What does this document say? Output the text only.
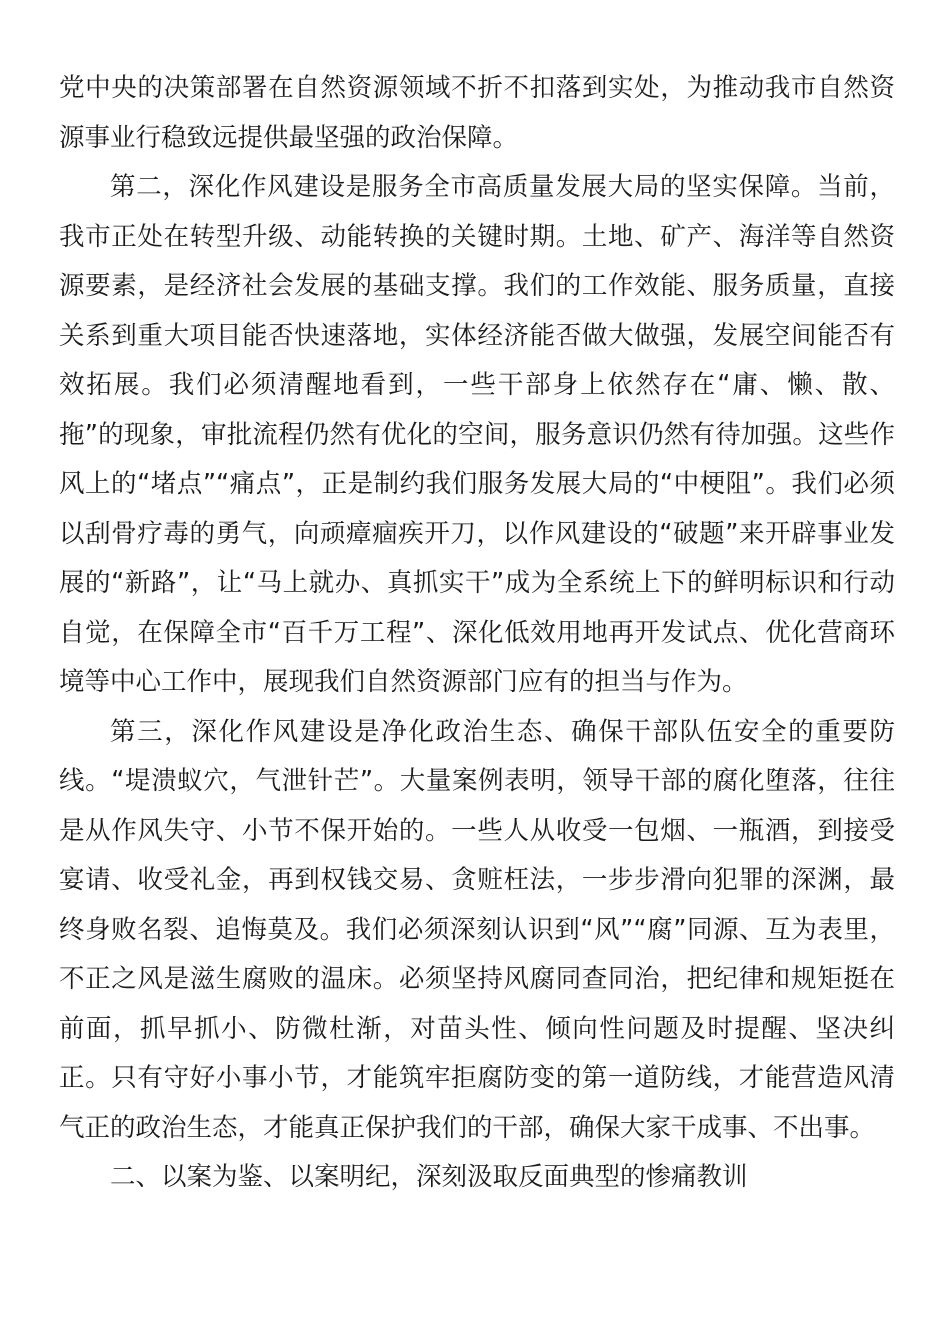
党中央的决策部署在自然资源领域不折不扣落到实处，为推动我市自然资源事业行稳致远提供最坚强的政治保障。

第二，深化作风建设是服务全市高质量发展大局的坚实保障。当前，我市正处在转型升级、动能转换的关键时期。土地、矿产、海洋等自然资源要素，是经济社会发展的基础支撑。我们的工作效能、服务质量，直接关系到重大项目能否快速落地，实体经济能否做大做强，发展空间能否有效拓展。我们必须清醒地看到，一些干部身上依然存在“庸、懒、散、拖”的现象，审批流程仍然有优化的空间，服务意识仍然有待加强。这些作风上的“堵点”“痛点”，正是制约我们服务发展大局的“中梗阻”。我们必须以刮骨疗毒的勇气，向顽瘴痼疾开刀，以作风建设的“破题”来开辟事业发展的“新路”，让“马上就办、真抓实干”成为全系统上下的鲜明标识和行动自觉，在保障全市“百千万工程”、深化低效用地再开发试点、优化营商环境等中心工作中，展现我们自然资源部门应有的担当与作为。

第三，深化作风建设是净化政治生态、确保干部队伍安全的重要防线。“堤溃蚁穴，气泄针芒”。大量案例表明，领导干部的腐化堕落，往往是从作风失守、小节不保开始的。一些人从收受一包烟、一瓶酒，到接受宴请、收受礼金，再到权钱交易、贪赃枉法，一步步滑向犯罪的深渊，最终身败名裂、追悔莫及。我们必须深刻认识到“风”“腐”同源、互为表里，不正之风是滋生腐败的温床。必须坚持风腐同查同治，把纪律和规矩挺在前面，抓早抓小、防微杜渐，对苗头性、倾向性问题及时提醒、坚决纠正。只有守好小事小节，才能筑牢拒腐防变的第一道防线，才能营造风清气正的政治生态，才能真正保护我们的干部，确保大家干成事、不出事。

二、以案为鉴、以案明纪，深刻汲取反面典型的惨痛教训
